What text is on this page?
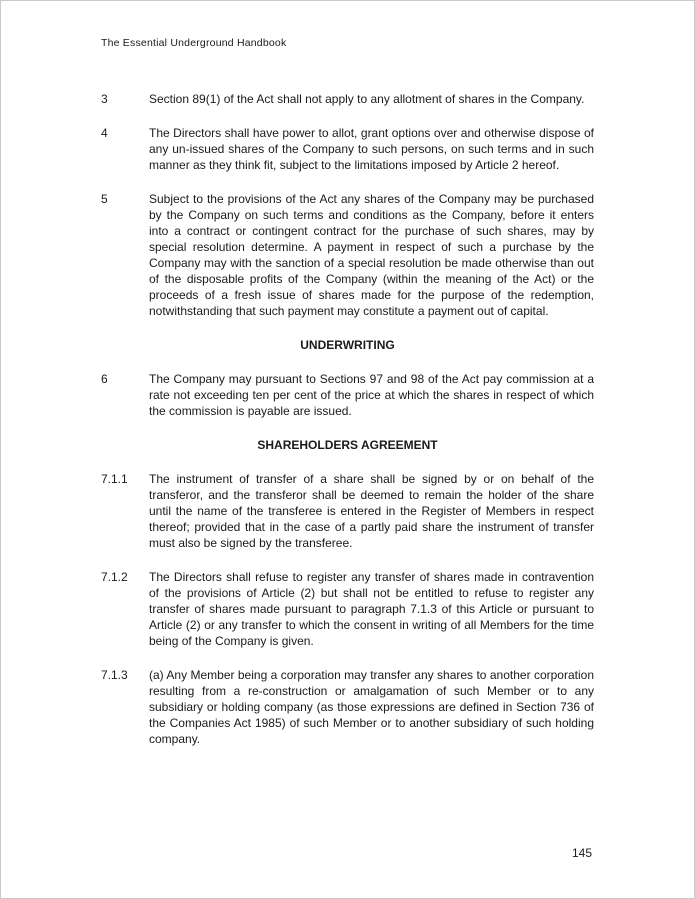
The Essential Underground Handbook
3	Section 89(1) of the Act shall not apply to any allotment of shares in the Company.
4	The Directors shall have power to allot, grant options over and otherwise dispose of any un-issued shares of the Company to such persons, on such terms and in such manner as they think fit, subject to the limitations imposed by Article 2 hereof.
5	Subject to the provisions of the Act any shares of the Company may be purchased by the Company on such terms and conditions as the Company, before it enters into a contract or contingent contract for the purchase of such shares, may by special resolution determine. A payment in respect of such a purchase by the Company may with the sanction of a special resolution be made otherwise than out of the disposable profits of the Company (within the meaning of the Act) or the proceeds of a fresh issue of shares made for the purpose of the redemption, notwithstanding that such payment may constitute a payment out of capital.
UNDERWRITING
6	The Company may pursuant to Sections 97 and 98 of the Act pay commission at a rate not exceeding ten per cent of the price at which the shares in respect of which the commission is payable are issued.
SHAREHOLDERS AGREEMENT
7.1.1	The instrument of transfer of a share shall be signed by or on behalf of the transferor, and the transferor shall be deemed to remain the holder of the share until the name of the transferee is entered in the Register of Members in respect thereof; provided that in the case of a partly paid share the instrument of transfer must also be signed by the transferee.
7.1.2	The Directors shall refuse to register any transfer of shares made in contravention of the provisions of Article (2) but shall not be entitled to refuse to register any transfer of shares made pursuant to paragraph 7.1.3 of this Article or pursuant to Article (2) or any transfer to which the consent in writing of all Members for the time being of the Company is given.
7.1.3	(a) Any Member being a corporation may transfer any shares to another corporation resulting from a re-construction or amalgamation of such Member or to any subsidiary or holding company (as those expressions are defined in Section 736 of the Companies Act 1985) of such Member or to another subsidiary of such holding company.
145
